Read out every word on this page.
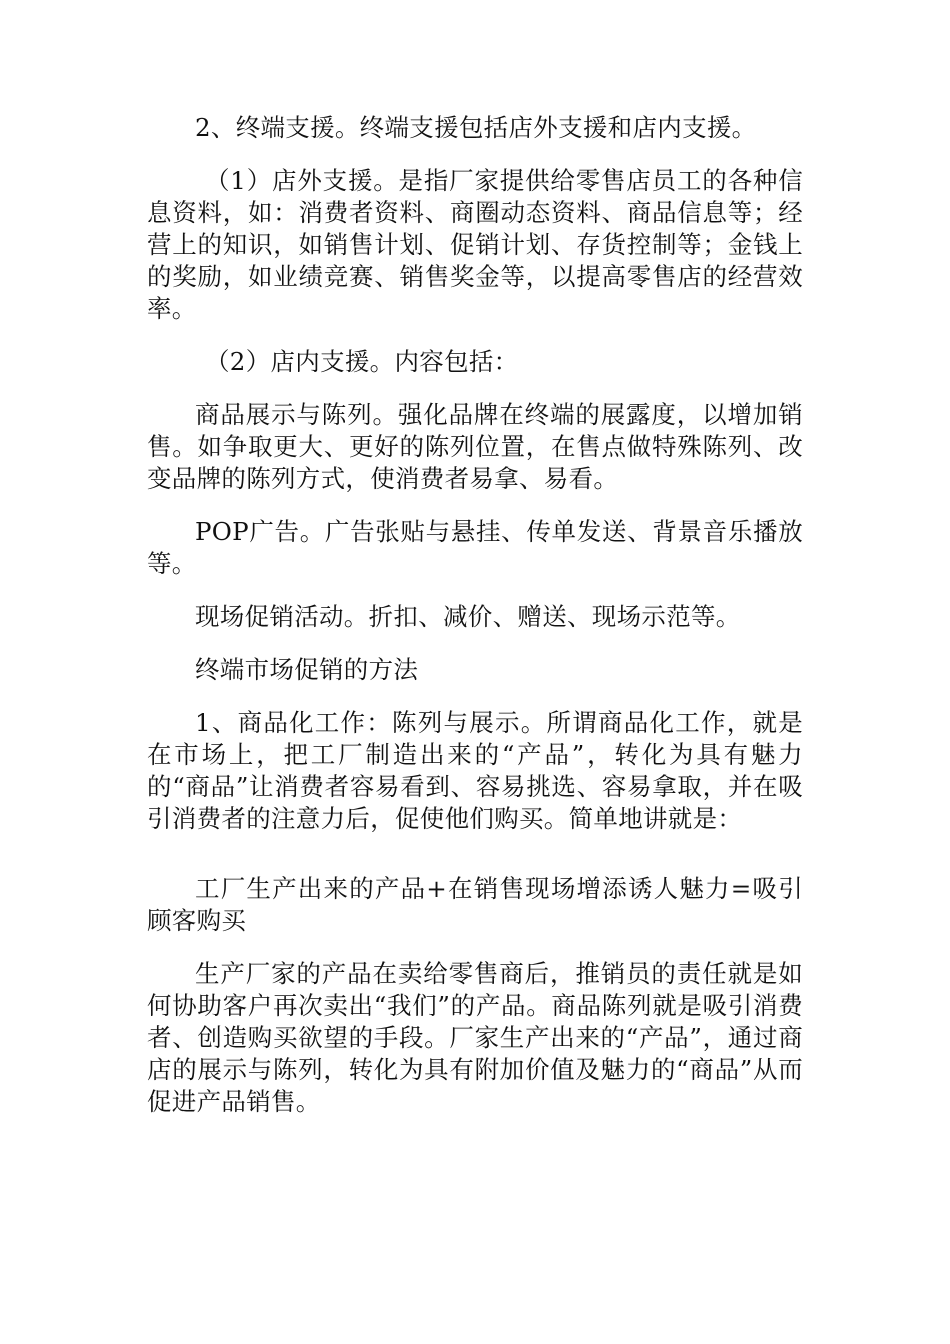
2、终端支援。终端支援包括店外支援和店内支援。

（1）店外支援。是指厂家提供给零售店员工的各种信息资料，如：消费者资料、商圈动态资料、商品信息等；经营上的知识，如销售计划、促销计划、存货控制等；金钱上的奖励，如业绩竞赛、销售奖金等，以提高零售店的经营效率。

（2）店内支援。内容包括：

商品展示与陈列。强化品牌在终端的展露度，以增加销售。如争取更大、更好的陈列位置，在售点做特殊陈列、改变品牌的陈列方式，使消费者易拿、易看。

POP广告。广告张贴与悬挂、传单发送、背景音乐播放等。

现场促销活动。折扣、减价、赠送、现场示范等。

终端市场促销的方法

1、商品化工作：陈列与展示。所谓商品化工作，就是在市场上，把工厂制造出来的“产品”，转化为具有魅力的“商品”让消费者容易看到、容易挑选、容易拿取，并在吸引消费者的注意力后，促使他们购买。简单地讲就是：

工厂生产出来的产品+在销售现场增添诱人魅力=吸引顾客购买

生产厂家的产品在卖给零售商后，推销员的责任就是如何协助客户再次卖出“我们”的产品。商品陈列就是吸引消费者、创造购买欲望的手段。厂家生产出来的“产品”，通过商店的展示与陈列，转化为具有附加价值及魅力的“商品”从而促进产品销售。
